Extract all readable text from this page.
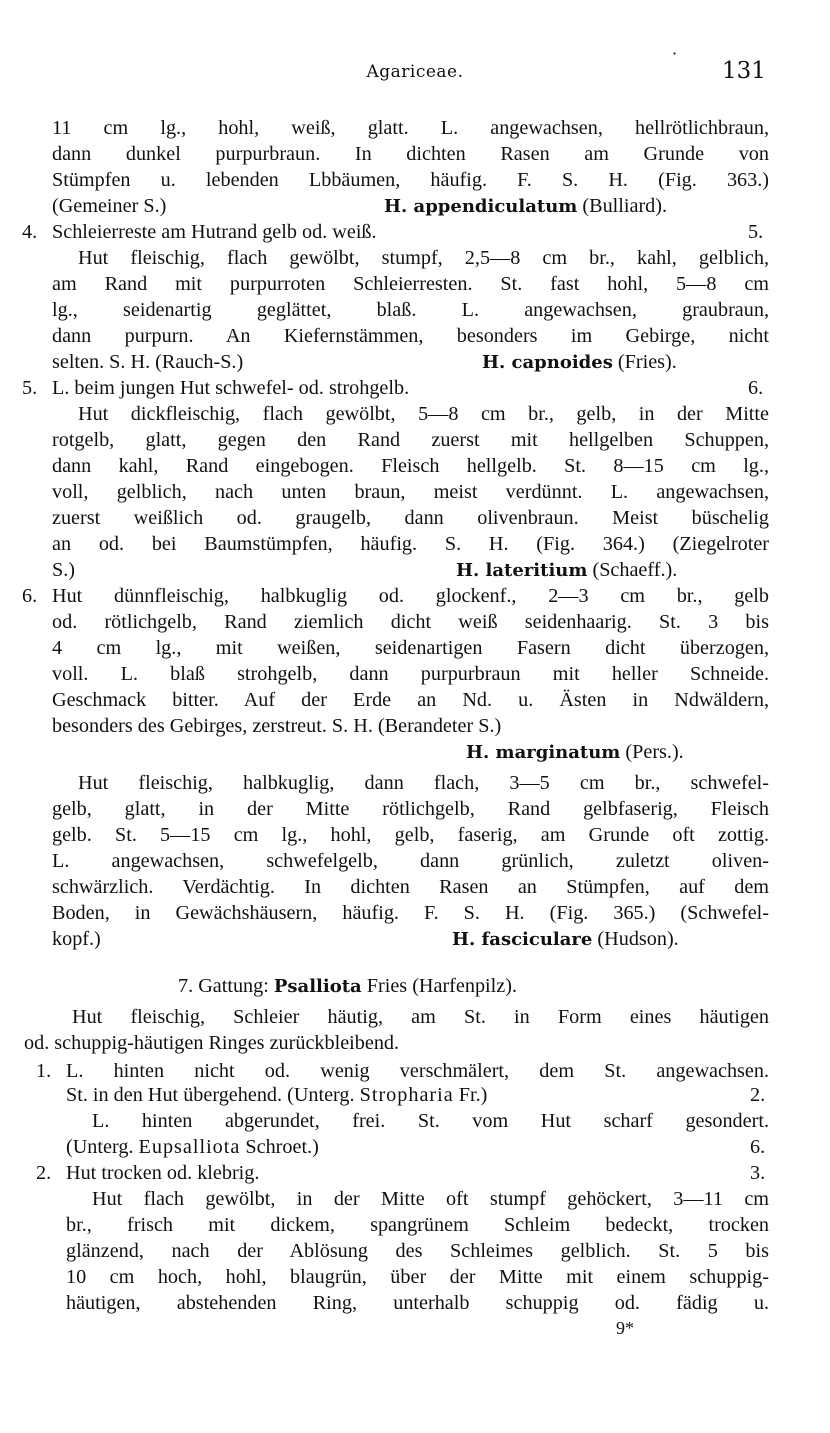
·
Agariceae.	131
11 cm lg., hohl, weiß, glatt. L. angewachsen, hellrötlichbraun,
dann dunkel purpurbraun. In dichten Rasen am Grunde von
Stümpfen u. lebenden Lbbäumen, häufig. F. S. H. (Fig. 363.)
(Gemeiner S.)	H. appendiculatum (Bulliard).
4. Schleierreste am Hutrand gelb od. weiß.	5.
Hut fleischig, flach gewölbt, stumpf, 2,5—8 cm br., kahl, gelblich,
am Rand mit purpurroten Schleierresten. St. fast hohl, 5—8 cm
lg., seidenartig geglättet, blaß. L. angewachsen, graubraun,
dann purpurn. An Kiefernstämmen, besonders im Gebirge, nicht
selten. S. H. (Rauch-S.)	H. capnoides (Fries).
5. L. beim jungen Hut schwefel- od. strohgelb.	6.
Hut dickfleischig, flach gewölbt, 5—8 cm br., gelb, in der Mitte
rotgelb, glatt, gegen den Rand zuerst mit hellgelben Schuppen,
dann kahl, Rand eingebogen. Fleisch hellgelb. St. 8—15 cm lg.,
voll, gelblich, nach unten braun, meist verdünnt. L. angewachsen,
zuerst weißlich od. graugelb, dann olivenbraun. Meist büschelig
an od. bei Baumstümpfen, häufig. S. H. (Fig. 364.) (Ziegelroter
S.)	H. lateritium (Schaeff.).
6. Hut dünnfleischig, halbkuglig od. glockenf., 2—3 cm br., gelb
od. rötlichgelb, Rand ziemlich dicht weiß seidenhaarig. St. 3 bis
4 cm lg., mit weißen, seidenartigen Fasern dicht überzogen,
voll. L. blaß strohgelb, dann purpurbraun mit heller Schneide.
Geschmack bitter. Auf der Erde an Nd. u. Ästen in Ndwäldern,
besonders des Gebirges, zerstreut. S. H. (Berandeter S.)
H. marginatum (Pers.).
Hut fleischig, halbkuglig, dann flach, 3—5 cm br., schwefel-
gelb, glatt, in der Mitte rötlichgelb, Rand gelbfaserig, Fleisch
gelb. St. 5—15 cm lg., hohl, gelb, faserig, am Grunde oft zottig.
L. angewachsen, schwefelgelb, dann grünlich, zuletzt oliven-
schwärzlich. Verdächtig. In dichten Rasen an Stümpfen, auf dem
Boden, in Gewächshäusern, häufig. F. S. H. (Fig. 365.) (Schwefel-
kopf.)	H. fasciculare (Hudson).
7. Gattung: Psalliota Fries (Harfenpilz).
Hut fleischig, Schleier häutig, am St. in Form eines häutigen
od. schuppig-häutigen Ringes zurückbleibend.
1. L. hinten nicht od. wenig verschmälert, dem St. angewachsen.
St. in den Hut übergehend. (Unterg. Stropharia Fr.)	2.
L. hinten abgerundet, frei. St. vom Hut scharf gesondert.
(Unterg. Eupsalliota Schroet.)	6.
2. Hut trocken od. klebrig.	3.
Hut flach gewölbt, in der Mitte oft stumpf gehöckert, 3—11 cm
br., frisch mit dickem, spangrünem Schleim bedeckt, trocken
glänzend, nach der Ablösung des Schleimes gelblich. St. 5 bis
10 cm hoch, hohl, blaugrün, über der Mitte mit einem schuppig-
häutigen, abstehenden Ring, unterhalb schuppig od. fädig u.
9*
